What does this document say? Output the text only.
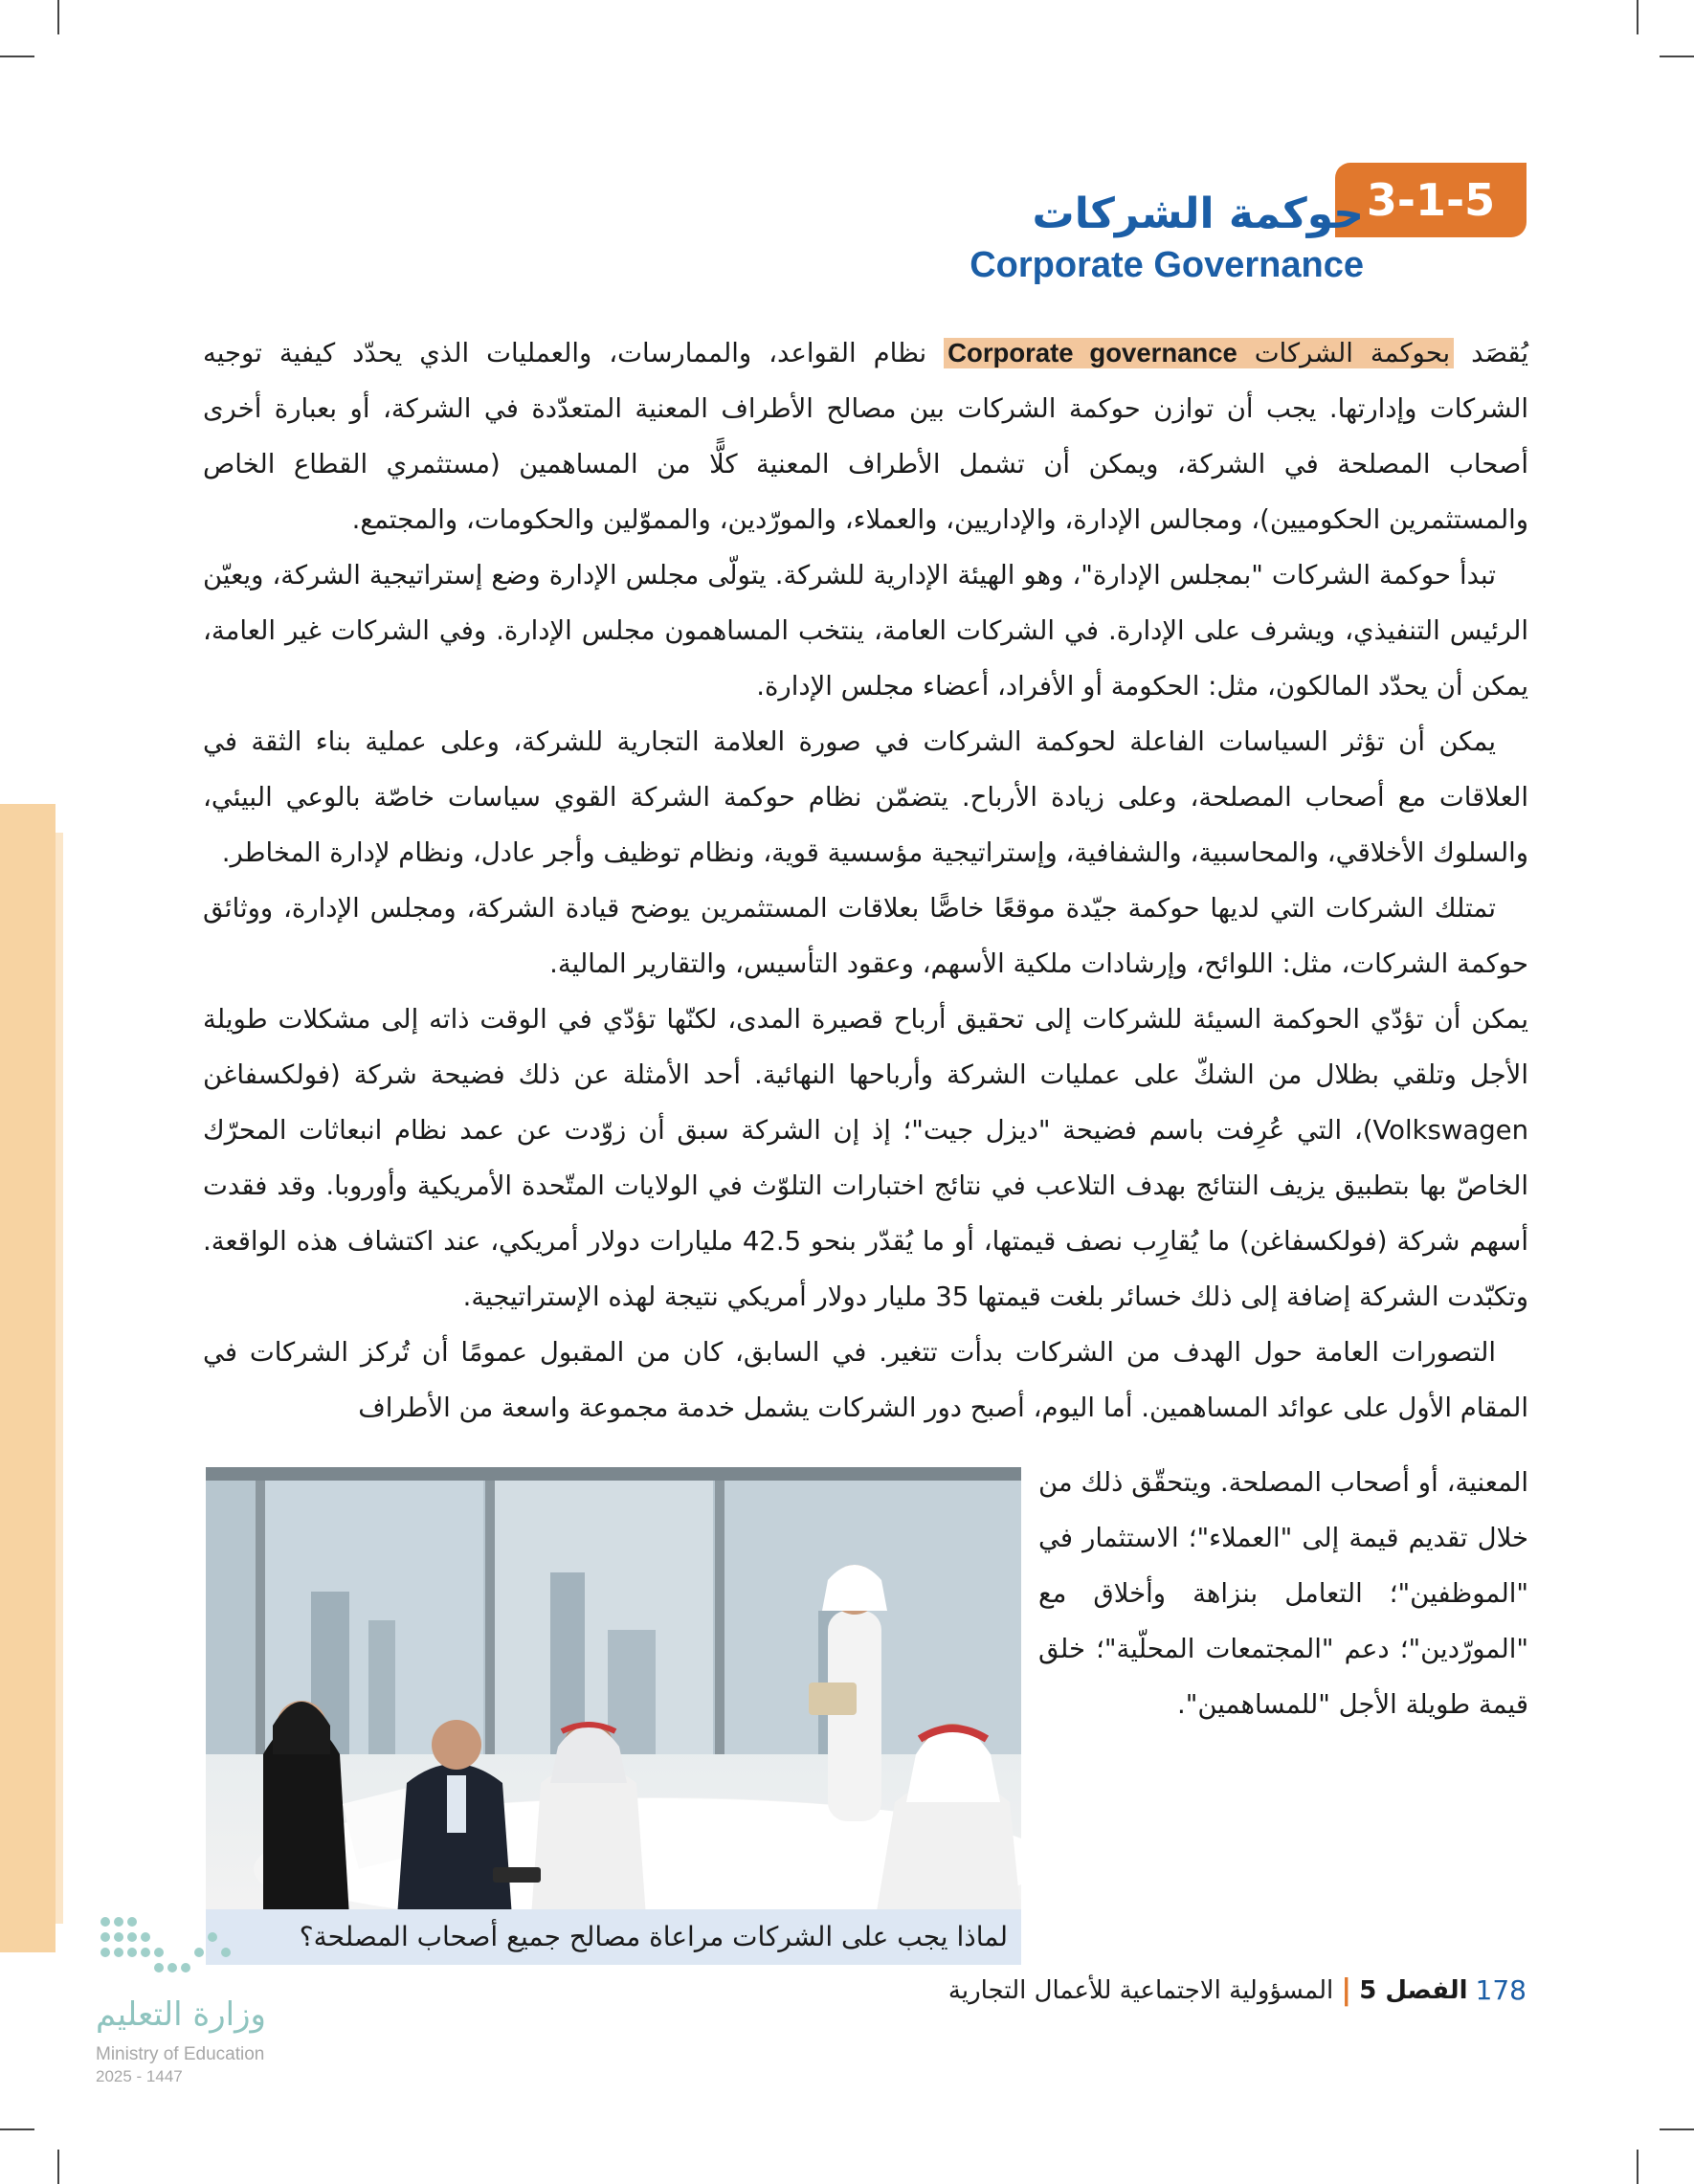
3-1-5
حوكمة الشركات
Corporate Governance

يُقصَد بحوكمة الشركات Corporate governance نظام القواعد، والممارسات، والعمليات الذي يحدّد كيفية توجيه الشركات وإدارتها. يجب أن توازن حوكمة الشركات بين مصالح الأطراف المعنية المتعدّدة في الشركة، أو بعبارة أخرى أصحاب المصلحة في الشركة، ويمكن أن تشمل الأطراف المعنية كلًّا من المساهمين (مستثمري القطاع الخاص والمستثمرين الحكوميين)، ومجالس الإدارة، والإداريين، والعملاء، والمورّدين، والمموّلين والحكومات، والمجتمع.

تبدأ حوكمة الشركات "بمجلس الإدارة"، وهو الهيئة الإدارية للشركة. يتولّى مجلس الإدارة وضع إستراتيجية الشركة، ويعيّن الرئيس التنفيذي، ويشرف على الإدارة. في الشركات العامة، ينتخب المساهمون مجلس الإدارة. وفي الشركات غير العامة، يمكن أن يحدّد المالكون، مثل: الحكومة أو الأفراد، أعضاء مجلس الإدارة.

يمكن أن تؤثر السياسات الفاعلة لحوكمة الشركات في صورة العلامة التجارية للشركة، وعلى عملية بناء الثقة في العلاقات مع أصحاب المصلحة، وعلى زيادة الأرباح. يتضمّن نظام حوكمة الشركة القوي سياسات خاصّة بالوعي البيئي، والسلوك الأخلاقي، والمحاسبية، والشفافية، وإستراتيجية مؤسسية قوية، ونظام توظيف وأجر عادل، ونظام لإدارة المخاطر.

تمتلك الشركات التي لديها حوكمة جيّدة موقعًا خاصًّا بعلاقات المستثمرين يوضح قيادة الشركة، ومجلس الإدارة، ووثائق حوكمة الشركات، مثل: اللوائح، وإرشادات ملكية الأسهم، وعقود التأسيس، والتقارير المالية.

يمكن أن تؤدّي الحوكمة السيئة للشركات إلى تحقيق أرباح قصيرة المدى، لكنّها تؤدّي في الوقت ذاته إلى مشكلات طويلة الأجل وتلقي بظلال من الشكّ على عمليات الشركة وأرباحها النهائية. أحد الأمثلة عن ذلك فضيحة شركة (فولكسفاغن Volkswagen)، التي عُرِفت باسم فضيحة "ديزل جيت"؛ إذ إن الشركة سبق أن زوّدت عن عمد نظام انبعاثات المحرّك الخاصّ بها بتطبيق يزيف النتائج بهدف التلاعب في نتائج اختبارات التلوّث في الولايات المتّحدة الأمريكية وأوروبا. وقد فقدت أسهم شركة (فولكسفاغن) ما يُقارِب نصف قيمتها، أو ما يُقدّر بنحو 42.5 مليارات دولار أمريكي، عند اكتشاف هذه الواقعة. وتكبّدت الشركة إضافة إلى ذلك خسائر بلغت قيمتها 35 مليار دولار أمريكي نتيجة لهذه الإستراتيجية.

التصورات العامة حول الهدف من الشركات بدأت تتغير. في السابق، كان من المقبول عمومًا أن تُركز الشركات في المقام الأول على عوائد المساهمين. أما اليوم، أصبح دور الشركات يشمل خدمة مجموعة واسعة من الأطراف

المعنية، أو أصحاب المصلحة. ويتحقّق ذلك من خلال تقديم قيمة إلى "العملاء"؛ الاستثمار في "الموظفين"؛ التعامل بنزاهة وأخلاق مع "المورّدين"؛ دعم "المجتمعات المحلّية"؛ خلق قيمة طويلة الأجل "للمساهمين".

لماذا يجب على الشركات مراعاة مصالح جميع أصحاب المصلحة؟
178
الفصل 5
|
المسؤولية الاجتماعية للأعمال التجارية
وزارة التعليم
Ministry of Education
2025 - 1447
